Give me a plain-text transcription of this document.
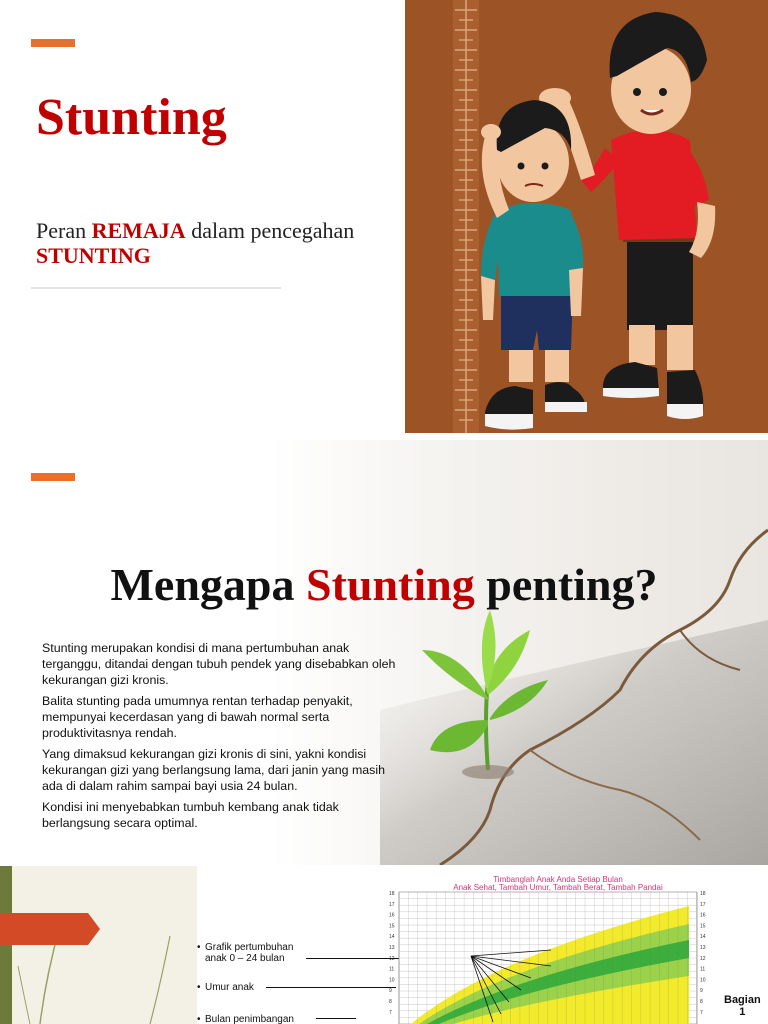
Stunting
Peran REMAJA dalam pencegahan
STUNTING
Mengapa Stunting penting?

Stunting merupakan kondisi di mana pertumbuhan anak terganggu, ditandai dengan tubuh pendek yang disebabkan oleh kekurangan gizi kronis.

Balita stunting pada umumnya rentan terhadap penyakit, mempunyai kecerdasan yang di bawah normal serta produktivitasnya rendah.

Yang dimaksud kekurangan gizi kronis di sini, yakni kondisi kekurangan gizi yang berlangsung lama, dari janin yang masih ada di dalam rahim sampai bayi usia 24 bulan.

Kondisi ini menyebabkan tumbuh kembang anak tidak berlangsung secara optimal.

• Grafik pertumbuhan
anak 0 – 24 bulan
• Umur anak
• Bulan penimbangan
Timbanglah Anak Anda Setiap Bulan
Anak Sehat, Tambah Umur, Tambah Berat, Tambah Pandai
18
17
16
15
14
13
12
11
10
9
8
7
18
17
16
15
14
13
12
11
10
9
8
7
Bagian
1
